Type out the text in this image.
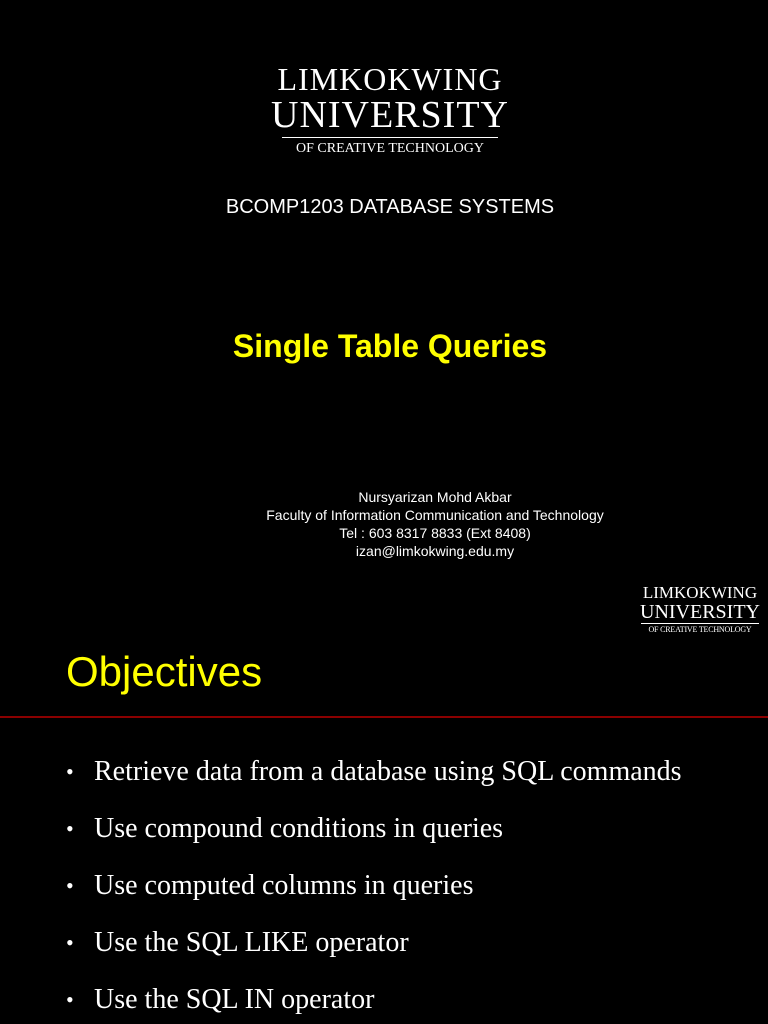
LIMKOKWING
UNIVERSITY
OF CREATIVE TECHNOLOGY
BCOMP1203 DATABASE SYSTEMS
Single Table Queries
Nursyarizan Mohd Akbar
Faculty of Information Communication and Technology
Tel : 603 8317 8833 (Ext 8408)
izan@limkokwing.edu.my
LIMKOKWING
UNIVERSITY
OF CREATIVE TECHNOLOGY
Objectives
• Retrieve data from a database using SQL commands
• Use compound conditions in queries
• Use computed columns in queries
• Use the SQL LIKE operator
• Use the SQL IN operator
